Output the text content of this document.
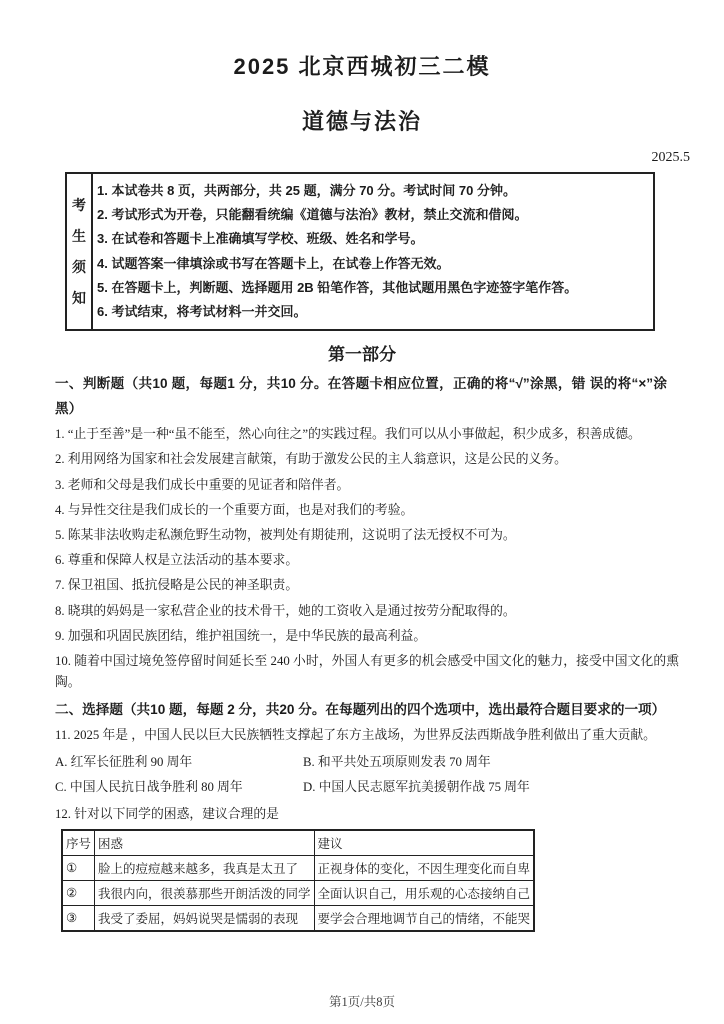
2025 北京西城初三二模
道德与法治
2025.5
考
生
须
知
1. 本试卷共 8 页，共两部分，共 25 题，满分 70 分。考试时间 70 分钟。
2. 考试形式为开卷，只能翻看统编《道德与法治》教材，禁止交流和借阅。
3. 在试卷和答题卡上准确填写学校、班级、姓名和学号。
4. 试题答案一律填涂或书写在答题卡上，在试卷上作答无效。
5. 在答题卡上，判断题、选择题用 2B 铅笔作答，其他试题用黑色字迹签字笔作答。
6. 考试结束，将考试材料一并交回。
第一部分
一、判断题（共10 题，每题1 分，共10 分。在答题卡相应位置，正确的将“√”涂黑，错 误的将“×”涂黑）
1. “止于至善”是一种“虽不能至，然心向往之”的实践过程。我们可以从小事做起，积少成多，积善成德。
2. 利用网络为国家和社会发展建言献策，有助于激发公民的主人翁意识，这是公民的义务。
3. 老师和父母是我们成长中重要的见证者和陪伴者。
4. 与异性交往是我们成长的一个重要方面，也是对我们的考验。
5. 陈某非法收购走私濒危野生动物，被判处有期徒刑，这说明了法无授权不可为。
6. 尊重和保障人权是立法活动的基本要求。
7. 保卫祖国、抵抗侵略是公民的神圣职责。
8. 晓琪的妈妈是一家私营企业的技术骨干，她的工资收入是通过按劳分配取得的。
9. 加强和巩固民族团结，维护祖国统一，是中华民族的最高利益。
10. 随着中国过境免签停留时间延长至 240 小时，外国人有更多的机会感受中国文化的魅力，接受中国文化的熏陶。
二、选择题（共10 题，每题 2 分，共20 分。在每题列出的四个选项中，选出最符合题目要求的一项）
11. 2025 年是 ，中国人民以巨大民族牺牲支撑起了东方主战场，为世界反法西斯战争胜利做出了重大贡献。
A. 红军长征胜利 90 周年	B. 和平共处五项原则发表 70 周年
C. 中国人民抗日战争胜利 80 周年	D. 中国人民志愿军抗美援朝作战 75 周年
12. 针对以下同学的困惑，建议合理的是
序号	困惑	建议
①	脸上的痘痘越来越多，我真是太丑了	正视身体的变化，不因生理变化而自卑
②	我很内向，很羡慕那些开朗活泼的同学	全面认识自己，用乐观的心态接纳自己
③	我受了委屈，妈妈说哭是懦弱的表现	要学会合理地调节自己的情绪，不能哭
第1页/共8页
